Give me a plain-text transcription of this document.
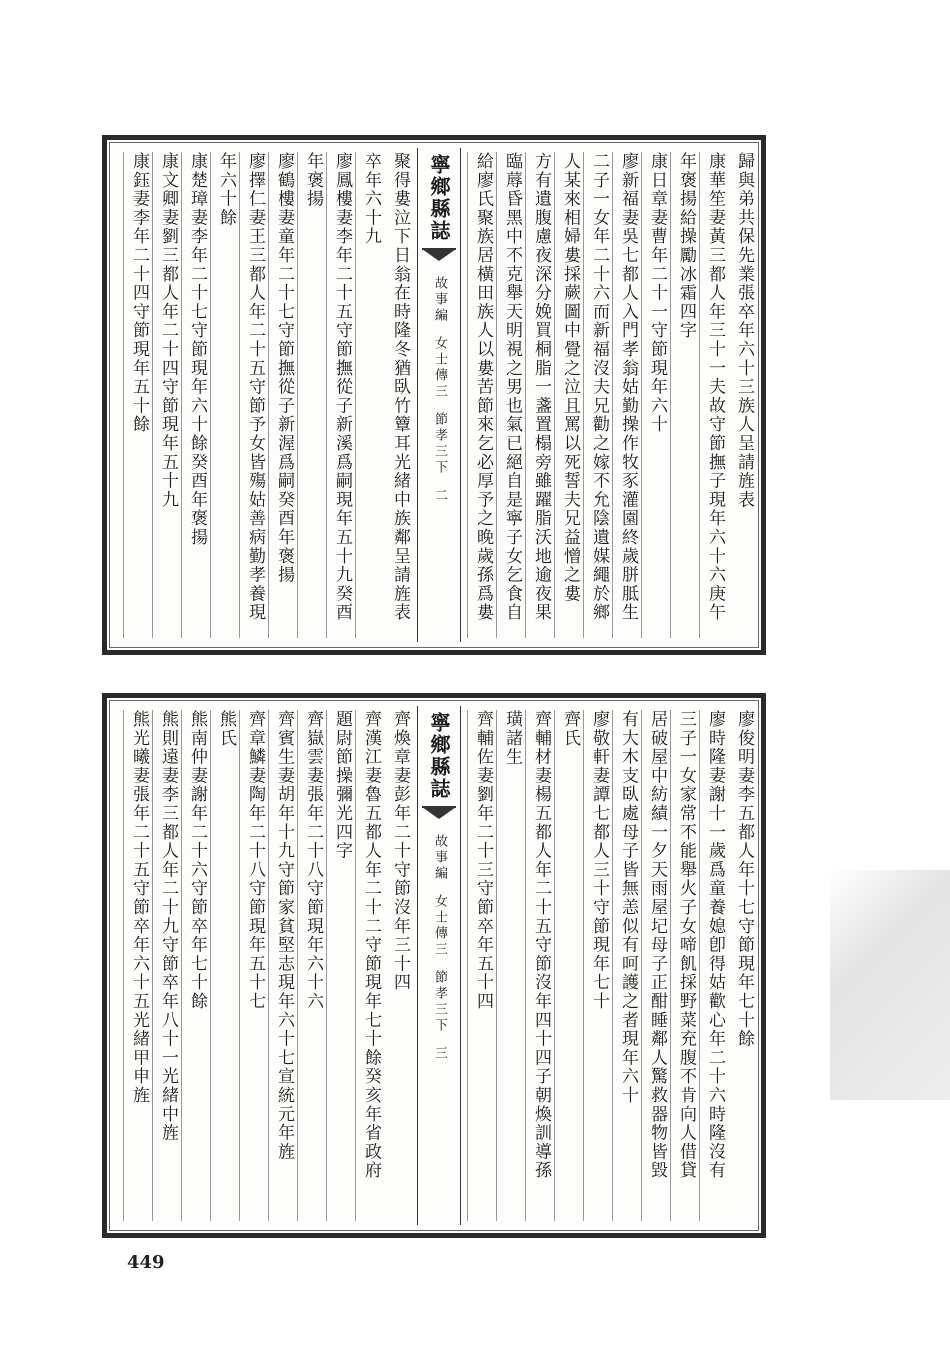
歸與弟共保先業張卒年六十三族人呈請旌表
康華笙妻黃三都人年三十一夫故守節撫子現年六十六庚午
年褒揚給操勵冰霜四字
康日章妻曹年二十一守節現年六十
廖新福妻吳七都人入門孝翁姑勤操作牧豕灌園終歲胼胝生
二子一女年二十六而新福沒夫兄勸之嫁不允陰遺媒繩於鄉
人某來相婦婁採蕨圖中覺之泣且罵以死誓夫兄益憎之婁
方有遺腹慮夜深分娩買桐脂一盞置榻旁雖躍脂沃地逾夜果
臨蓐昏黑中不克舉天明視之男也氣已絕自是寧子女乞食自
給廖氏聚族居橫田族人以婁苦節來乞必厚予之晚歲孫爲婁
寧鄉縣誌
故事編女士傳三節孝三下二
聚得婁泣下日翁在時隆冬猶臥竹簟耳光緒中族鄰呈請旌表
卒年六十九
廖鳳樓妻李年二十五守節撫從子新溪爲嗣現年五十九癸酉
年褒揚
廖鶴樓妻童年二十七守節撫從子新渥爲嗣癸酉年褒揚
廖擇仁妻王三都人年二十五守節予女皆殤姑善病勤孝養現
年六十餘
康楚璋妻李年二十七守節現年六十餘癸酉年褒揚
康文卿妻劉三都人年二十四守節現年五十九
康鈺妻李年二十四守節現年五十餘
廖俊明妻李五都人年十七守節現年七十餘
廖時隆妻謝十一歲爲童養媳卽得姑歡心年二十六時隆沒有
三子一女家常不能舉火子女啼飢採野菜充腹不肯向人借貸
居破屋中紡績一夕天雨屋圮母子正酣睡鄰人驚救器物皆毀
有大木支臥處母子皆無恙似有呵護之者現年六十
廖敬軒妻譚七都人三十守節現年七十
齊氏
齊輔材妻楊五都人年二十五守節沒年四十四子朝煥訓導孫
璜諸生
齊輔佐妻劉年二十三守節卒年五十四
寧鄉縣誌
故事編女士傳三節孝三下三
齊煥章妻彭年二十守節沒年三十四
齊漢江妻魯五都人年二十二守節現年七十餘癸亥年省政府
題尉節操彌光四字
齊嶽雲妻張年二十八守節現年六十六
齊賓生妻胡年十九守節家貧堅志現年六十七宣統元年旌
齊章鱗妻陶年二十八守節現年五十七
熊氏
熊南仲妻謝年二十六守節卒年七十餘
熊則遠妻李三都人年二十九守節卒年八十一光緒中旌
熊光曦妻張年二十五守節卒年六十五光緒甲申旌
449
